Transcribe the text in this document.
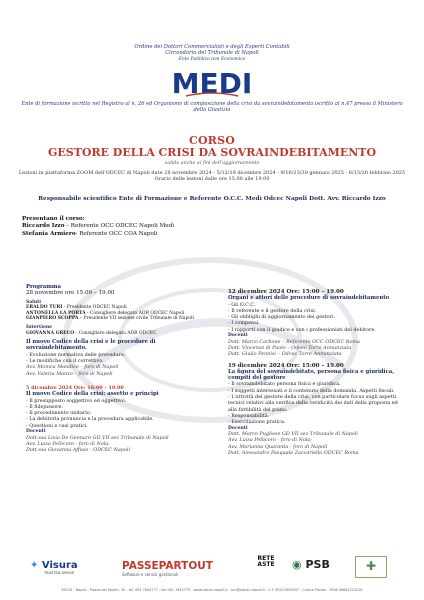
Ordine dei Dottori Commercialisti e degli Esperti Contabili
Circondario del Tribunale di Napoli
Ente Pubblico non Economico
MEDI
Ente di formazione iscritto nel Registro al n. 26 ed Organismo di composizione della crisi da sovraindebitamento iscritto al n.47 presso il Ministero della Giustizia
CORSO
GESTORE DELLA CRISI DA SOVRAINDEBITAMENTO
valido anche ai fini dell'aggiornamento
Lezioni in piattaforma ZOOM dell'ODCEC di Napoli date 28 novembre 2024 - 5/12/19 dicembre 2024 - 9/16/23/30 gennaio 2025 - 6/13/20 febbraio 2025
Orario delle lezioni dalle ore 15.00 alle 19.00
Responsabile scientifico Ente di Formazione e Referente O.C.C. Medì Odcec Napoli Dott. Avv. Riccardo Izzo
Presentano il corso:
Riccardo Izzo – Referente OCC ODCEC Napoli Medì
Stefania Armiero- Referente OCC COA Napoli

Programma

28 novembre ore 15.00 – 19.00

Saluti

ERALDO TURI - Presidente ODCEC Napoli

ANTONELLA LA PORTA - Consigliere delegato ADR ODCEC Napoli

GIANPIERO SCOPPA – Presidente VII sezione civile Tribunale di Napoli

Interviene

GIOVANNA GRECO - Consigliere delegato ADR ODCEC

Il nuovo Codice della crisi e le procedure di sovraindebitamento.

- Evoluzione normativa delle procedure.

- Le modifiche con il correttivo.

Avv. Monica Mandico – foro di Napoli

Avv. Valeria Manzo – foro di Napoli

5 dicembre 2024 Ore: 16:00 – 19.00

Il nuovo Codice della crisi: assetto e principi

- Il presupposto soggettivo ed oggettivo.

- Il fidejussore.

- Il procedimento unitario.

- La debitoria pronuncia e la procedura applicabile.

- Questioni e casi pratici.

Docenti

Dott.ssa Livia De Gennaro GD VII sez Tribunale di Napoli

Avv. Luisa Pellicoro - foro di Nola;

Dott.ssa Giovanna Affuso - ODCEC Napoli

12 dicembre 2024 Ore: 15:00 – 19.00

Organi e attori delle procedure di sovraindebitamento

- Gli O.C.C.

- Il referente e il gestore della crisi.

- Gli obblighi di aggiornamento dei gestori.

- I compensi.

- I rapporti con il giudice e con i professionisti del debitore.

Docenti

Dott. Marco Carbone – Referente OCC ODCEC Roma

Dott. Vincenzo di Paolo – Odcec Torre Annunziata

Dott. Giulio Pennisi – Odcec Torre Annunziata

19 dicembre 2024 Ore: 15:00 – 19.00

La figura del sovraindebitato, persona fisica e giuridica, compiti del gestore

- Il sovraindebitato persona fisica e giuridica.

- I soggetti interessati e il contenuto della domanda. Aspetti fiscali.

- L'attività del gestore della crisi, con particolare focus sugli aspetti tecnici relativi alla verifica della veridicità dei dati della proposta ed alla fattibilità del piano.

- Responsabilità.

- Esercitazione pratica.

Docenti

Dott. Marco Pugliese GD VII sez Tribunale di Napoli

Avv. Luisa Pellicoro - foro di Nola;

Avv. Marianna Quaranta - foro di Napoli

Dott. Alessandro Pasquale Zaccariello ODCEC Roma

✦ Visura
TRUSTED GROUP
PASSEPARTOUT
Software e servizi gestionali
RETE ASTE	◉ PSB	✚
80133 - Napoli - Piazza dei Martiri, 30 - tel. 081 7643777 - fax 081 7643779 - www.odcec.napoli.it - occ@odcec.napoli.it - C.F. 95207890637 - Codice Fiscale - P.IVA 06661221216
